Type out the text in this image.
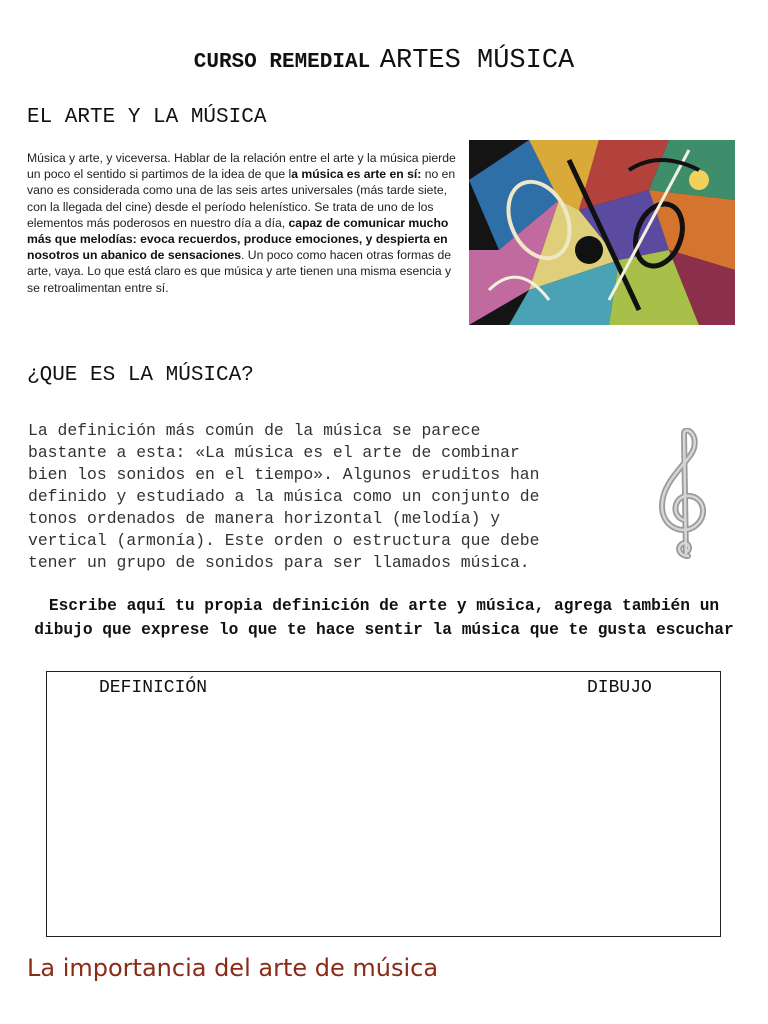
CURSO REMEDIAL ARTES MÚSICA
EL ARTE Y LA MÚSICA
Música y arte, y viceversa. Hablar de la relación entre el arte y la música pierde un poco el sentido si partimos de la idea de que la música es arte en sí: no en vano es considerada como una de las seis artes universales (más tarde siete, con la llegada del cine) desde el período helenístico. Se trata de uno de los elementos más poderosos en nuestro día a día, capaz de comunicar mucho más que melodías: evoca recuerdos, produce emociones, y despierta en nosotros un abanico de sensaciones. Un poco como hacen otras formas de arte, vaya. Lo que está claro es que música y arte tienen una misma esencia y se retroalimentan entre sí.
¿QUE ES LA MÚSICA?
La definición más común de la música se parece
bastante a esta: «La música es el arte de combinar
bien los sonidos en el tiempo». Algunos eruditos han
definido y estudiado a la música como un conjunto de
tonos ordenados de manera horizontal (melodía) y
vertical (armonía). Este orden o estructura que debe
tener un grupo de sonidos para ser llamados música.
Escribe aquí tu propia definición de arte y música, agrega también un dibujo que exprese lo que te hace sentir la música que te gusta escuchar
DEFINICIÓN	DIBUJO
La importancia del arte de música
